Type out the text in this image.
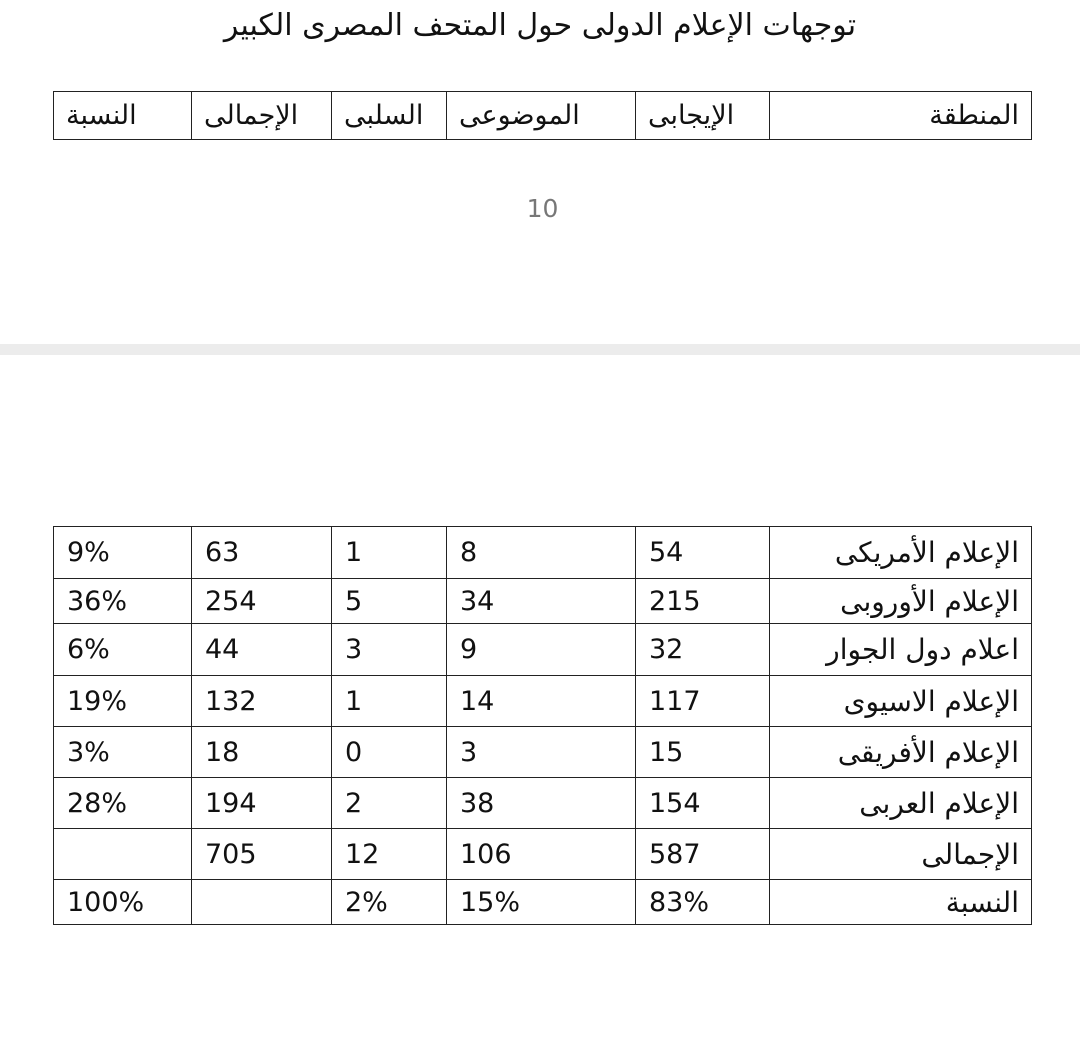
توجهات الإعلام الدولى حول المتحف المصرى الكبير
المنطقة	الإيجابى	الموضوعى	السلبى	الإجمالى	النسبة
10
الإعلام الأمريكى	54	8	1	63	9%
الإعلام الأوروبى	215	34	5	254	36%
اعلام دول الجوار	32	9	3	44	6%
الإعلام الاسيوى	117	14	1	132	19%
الإعلام الأفريقى	15	3	0	18	3%
الإعلام العربى	154	38	2	194	28%
الإجمالى	587	106	12	705	
النسبة	83%	15%	2%		100%
